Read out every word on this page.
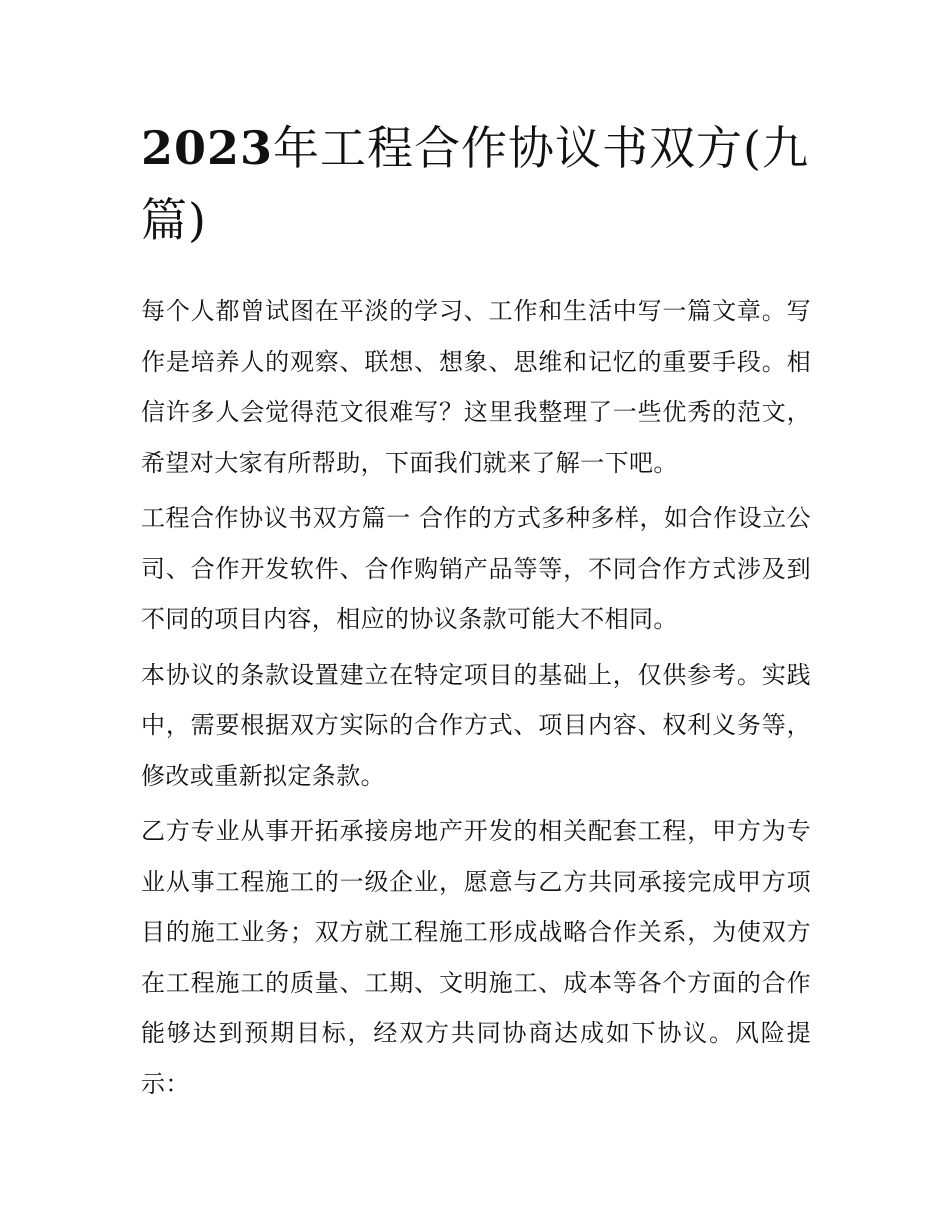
2023年工程合作协议书双方(九篇)

每个人都曾试图在平淡的学习、工作和生活中写一篇文章。写作是培养人的观察、联想、想象、思维和记忆的重要手段。相信许多人会觉得范文很难写？这里我整理了一些优秀的范文，希望对大家有所帮助，下面我们就来了解一下吧。

工程合作协议书双方篇一 合作的方式多种多样，如合作设立公司、合作开发软件、合作购销产品等等，不同合作方式涉及到不同的项目内容，相应的协议条款可能大不相同。

本协议的条款设置建立在特定项目的基础上，仅供参考。实践中，需要根据双方实际的合作方式、项目内容、权利义务等，修改或重新拟定条款。

乙方专业从事开拓承接房地产开发的相关配套工程，甲方为专业从事工程施工的一级企业，愿意与乙方共同承接完成甲方项目的施工业务；双方就工程施工形成战略合作关系，为使双方在工程施工的质量、工期、文明施工、成本等各个方面的合作能够达到预期目标，经双方共同协商达成如下协议。风险提示：
